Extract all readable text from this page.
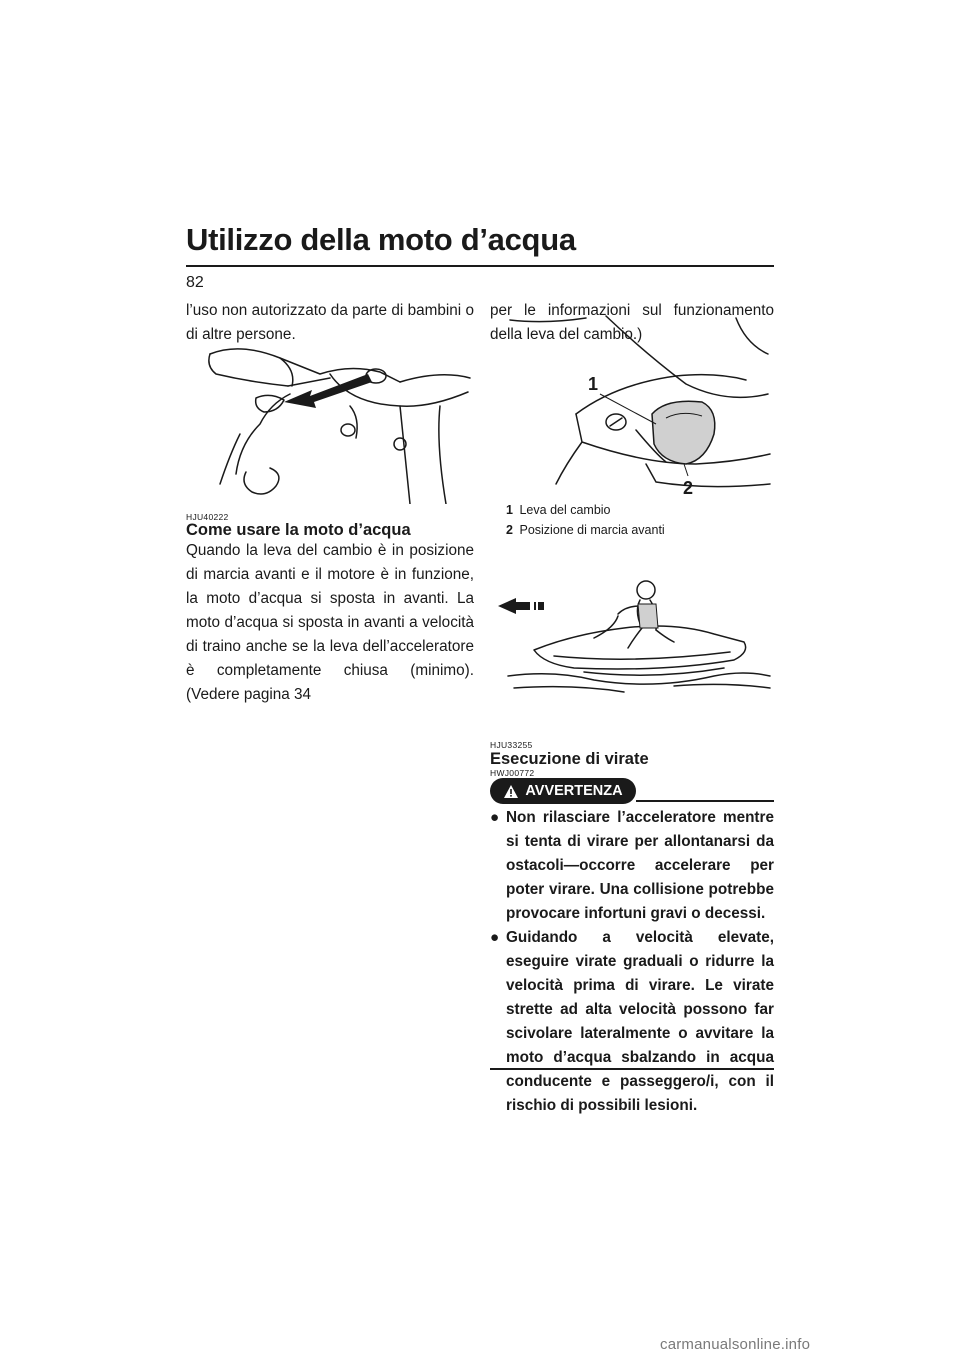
Utilizzo della moto d’acqua
82
l’uso non autorizzato da parte di bambini o di altre persone.
HJU40222
Come usare la moto d’acqua
Quando la leva del cambio è in posizione di marcia avanti e il motore è in funzione, la moto d’acqua si sposta in avanti. La moto d’acqua si sposta in avanti a velocità di traino anche se la leva dell’acceleratore è completamente chiusa (minimo). (Vedere pagina 34
per le informazioni sul funzionamento della leva del cambio.)
1
2
1 Leva del cambio
2 Posizione di marcia avanti
HJU33255
Esecuzione di virate
HWJ00772
AVVERTENZA
● Non rilasciare l’acceleratore mentre si tenta di virare per allontanarsi da ostacoli—occorre accelerare per poter virare. Una collisione potrebbe provocare infortuni gravi o decessi.
● Guidando a velocità elevate, eseguire virate graduali o ridurre la velocità prima di virare. Le virate strette ad alta velocità possono far scivolare lateralmente o avvitare la moto d’acqua sbalzando in acqua conducente e passeggero/i, con il rischio di possibili lesioni.
carmanualsonline.info
